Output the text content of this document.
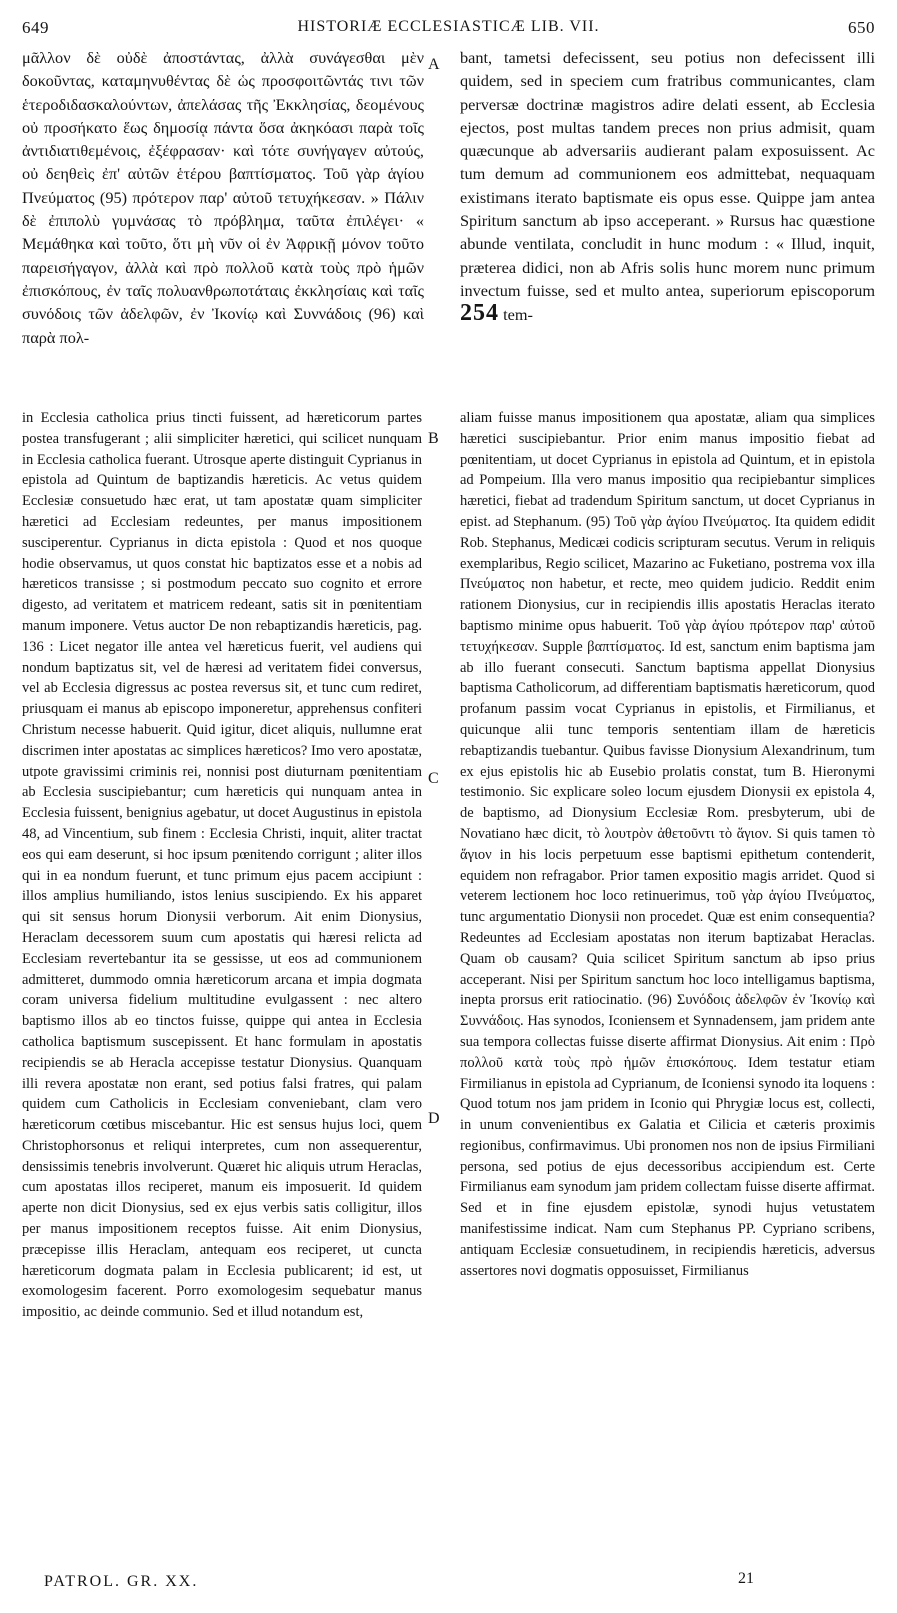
649	HISTORIÆ ECCLESIASTICÆ LIB. VII.	650

μᾶλλον δὲ οὐδὲ ἀποστάντας, ἀλλὰ συνάγεσθαι μὲν δοκοῦντας, καταμηνυθέντας δὲ ὡς προσφοιτῶντάς τινι τῶν ἑτεροδιδασκαλούντων, ἀπελάσας τῆς Ἐκκλησίας, δεομένους οὐ προσήκατο ἕως δημοσίᾳ πάντα ὅσα ἀκηκόασι παρὰ τοῖς ἀντιδιατιθεμένοις, ἐξέφρασαν· καὶ τότε συνήγαγεν αὐτούς, οὐ δεηθεὶς ἐπ' αὐτῶν ἑτέρου βαπτίσματος. Τοῦ γὰρ ἁγίου Πνεύματος (95) πρότερον παρ' αὐτοῦ τετυχήκεσαν. » Πάλιν δὲ ἐπιπολὺ γυμνάσας τὸ πρόβλημα, ταῦτα ἐπιλέγει· « Μεμάθηκα καὶ τοῦτο, ὅτι μὴ νῦν οἱ ἐν Ἀφρικῇ μόνον τοῦτο παρεισήγαγον, ἀλλὰ καὶ πρὸ πολλοῦ κατὰ τοὺς πρὸ ἡμῶν ἐπισκόπους, ἐν ταῖς πολυανθρωποτάταις ἐκκλησίαις καὶ ταῖς συνόδοις τῶν ἀδελφῶν, ἐν Ἰκονίῳ καὶ Συννάδοις (96) καὶ παρὰ πολ-

A
B
C
D

bant, tametsi defecissent, seu potius non defecissent illi quidem, sed in speciem cum fratribus communicantes, clam perversæ doctrinæ magistros adire delati essent, ab Ecclesia ejectos, post multas tandem preces non prius admisit, quam quæcunque ab adversariis audierant palam exposuissent. Ac tum demum ad communionem eos admittebat, nequaquam existimans iterato baptismate eis opus esse. Quippe jam antea Spiritum sanctum ab ipso acceperant. » Rursus hac quæstione abunde ventilata, concludit in hunc modum : « Illud, inquit, præterea didici, non ab Afris solis hunc morem nunc primum invectum fuisse, sed et multo antea, superiorum episcoporum 254 tem-

in Ecclesia catholica prius tincti fuissent, ad hæreticorum partes postea transfugerant ; alii simpliciter hæretici, qui scilicet nunquam in Ecclesia catholica fuerant. Utrosque aperte distinguit Cyprianus in epistola ad Quintum de baptizandis hæreticis. Ac vetus quidem Ecclesiæ consuetudo hæc erat, ut tam apostatæ quam simpliciter hæretici ad Ecclesiam redeuntes, per manus impositionem susciperentur. Cyprianus in dicta epistola : Quod et nos quoque hodie observamus, ut quos constat hic baptizatos esse et a nobis ad hæreticos transisse ; si postmodum peccato suo cognito et errore digesto, ad veritatem et matricem redeant, satis sit in pœnitentiam manum imponere. Vetus auctor De non rebaptizandis hæreticis, pag. 136 : Licet negator ille antea vel hæreticus fuerit, vel audiens qui nondum baptizatus sit, vel de hæresi ad veritatem fidei conversus, vel ab Ecclesia digressus ac postea reversus sit, et tunc cum rediret, priusquam ei manus ab episcopo imponeretur, apprehensus confiteri Christum necesse habuerit. Quid igitur, dicet aliquis, nullumne erat discrimen inter apostatas ac simplices hæreticos? Imo vero apostatæ, utpote gravissimi criminis rei, nonnisi post diuturnam pœnitentiam ab Ecclesia suscipiebantur; cum hæreticis qui nunquam antea in Ecclesia fuissent, benignius agebatur, ut docet Augustinus in epistola 48, ad Vincentium, sub finem : Ecclesia Christi, inquit, aliter tractat eos qui eam deserunt, si hoc ipsum pœnitendo corrigunt ; aliter illos qui in ea nondum fuerunt, et tunc primum ejus pacem accipiunt : illos amplius humiliando, istos lenius suscipiendo. Ex his apparet qui sit sensus horum Dionysii verborum. Ait enim Dionysius, Heraclam decessorem suum cum apostatis qui hæresi relicta ad Ecclesiam revertebantur ita se gessisse, ut eos ad communionem admitteret, dummodo omnia hæreticorum arcana et impia dogmata coram universa fidelium multitudine evulgassent : nec altero baptismo illos ab eo tinctos fuisse, quippe qui antea in Ecclesia catholica baptismum suscepissent. Et hanc formulam in apostatis recipiendis se ab Heracla accepisse testatur Dionysius. Quanquam illi revera apostatæ non erant, sed potius falsi fratres, qui palam quidem cum Catholicis in Ecclesiam conveniebant, clam vero hæreticorum cœtibus miscebantur. Hic est sensus hujus loci, quem Christophorsonus et reliqui interpretes, cum non assequerentur, densissimis tenebris involverunt. Quæret hic aliquis utrum Heraclas, cum apostatas illos reciperet, manum eis imposuerit. Id quidem aperte non dicit Dionysius, sed ex ejus verbis satis colligitur, illos per manus impositionem receptos fuisse. Ait enim Dionysius, præcepisse illis Heraclam, antequam eos reciperet, ut cuncta hæreticorum dogmata palam in Ecclesia publicarent; id est, ut exomologesim facerent. Porro exomologesim sequebatur manus impositio, ac deinde communio. Sed et illud notandum est,

aliam fuisse manus impositionem qua apostatæ, aliam qua simplices hæretici suscipiebantur. Prior enim manus impositio fiebat ad pœnitentiam, ut docet Cyprianus in epistola ad Quintum, et in epistola ad Pompeium. Illa vero manus impositio qua recipiebantur simplices hæretici, fiebat ad tradendum Spiritum sanctum, ut docet Cyprianus in epist. ad Stephanum. (95) Τοῦ γὰρ ἁγίου Πνεύματος. Ita quidem edidit Rob. Stephanus, Medicæi codicis scripturam secutus. Verum in reliquis exemplaribus, Regio scilicet, Mazarino ac Fuketiano, postrema vox illa Πνεύματος non habetur, et recte, meo quidem judicio. Reddit enim rationem Dionysius, cur in recipiendis illis apostatis Heraclas iterato baptismo minime opus habuerit. Τοῦ γὰρ ἁγίου πρότερον παρ' αὐτοῦ τετυχήκεσαν. Supple βαπτίσματος. Id est, sanctum enim baptisma jam ab illo fuerant consecuti. Sanctum baptisma appellat Dionysius baptisma Catholicorum, ad differentiam baptismatis hæreticorum, quod profanum passim vocat Cyprianus in epistolis, et Firmilianus, et quicunque alii tunc temporis sententiam illam de hæreticis rebaptizandis tuebantur. Quibus favisse Dionysium Alexandrinum, tum ex ejus epistolis hic ab Eusebio prolatis constat, tum B. Hieronymi testimonio. Sic explicare soleo locum ejusdem Dionysii ex epistola 4, de baptismo, ad Dionysium Ecclesiæ Rom. presbyterum, ubi de Novatiano hæc dicit, τὸ λουτρὸν ἀθετοῦντι τὸ ἅγιον. Si quis tamen τὸ ἅγιον in his locis perpetuum esse baptismi epithetum contenderit, equidem non refragabor. Prior tamen expositio magis arridet. Quod si veterem lectionem hoc loco retinuerimus, τοῦ γὰρ ἁγίου Πνεύματος, tunc argumentatio Dionysii non procedet. Quæ est enim consequentia? Redeuntes ad Ecclesiam apostatas non iterum baptizabat Heraclas. Quam ob causam? Quia scilicet Spiritum sanctum ab ipso prius acceperant. Nisi per Spiritum sanctum hoc loco intelligamus baptisma, inepta prorsus erit ratiocinatio. (96) Συνόδοις ἀδελφῶν ἐν Ἰκονίῳ καὶ Συννάδοις. Has synodos, Iconiensem et Synnadensem, jam pridem ante sua tempora collectas fuisse diserte affirmat Dionysius. Ait enim : Πρὸ πολλοῦ κατὰ τοὺς πρὸ ἡμῶν ἐπισκόπους. Idem testatur etiam Firmilianus in epistola ad Cyprianum, de Iconiensi synodo ita loquens : Quod totum nos jam pridem in Iconio qui Phrygiæ locus est, collecti, in unum convenientibus ex Galatia et Cilicia et cæteris proximis regionibus, confirmavimus. Ubi pronomen nos non de ipsius Firmiliani persona, sed potius de ejus decessoribus accipiendum est. Certe Firmilianus eam synodum jam pridem collectam fuisse diserte affirmat. Sed et in fine ejusdem epistolæ, synodi hujus vetustatem manifestissime indicat. Nam cum Stephanus PP. Cypriano scribens, antiquam Ecclesiæ consuetudinem, in recipiendis hæreticis, adversus assertores novi dogmatis opposuisset, Firmilianus

PATROL. GR. XX.	21
